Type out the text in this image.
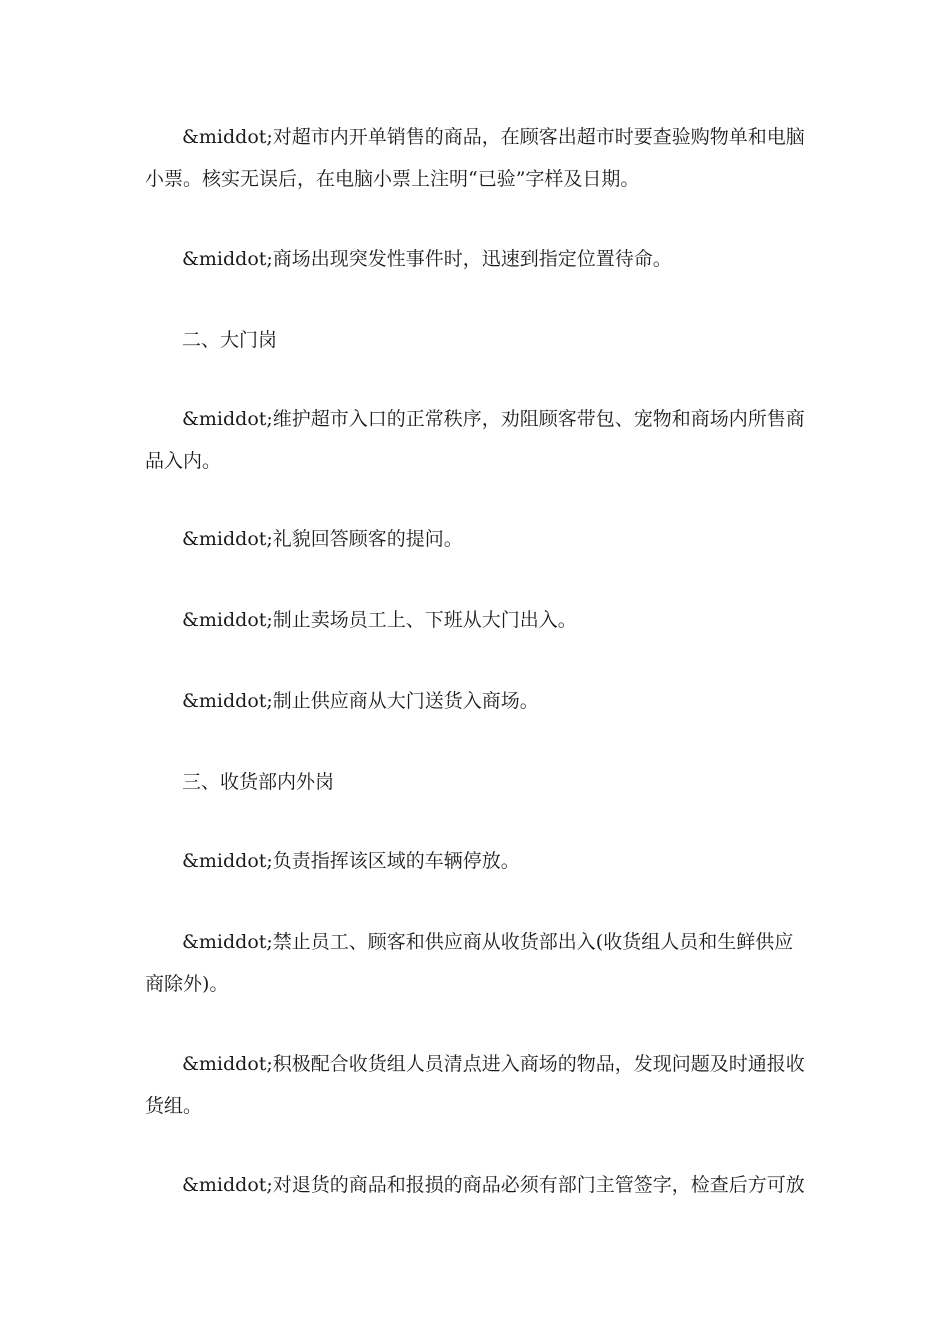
&middot;对超市内开单销售的商品，在顾客出超市时要查验购物单和电脑小票。核实无误后，在电脑小票上注明“已验”字样及日期。

&middot;商场出现突发性事件时，迅速到指定位置待命。

二、大门岗

&middot;维护超市入口的正常秩序，劝阻顾客带包、宠物和商场内所售商品入内。

&middot;礼貌回答顾客的提问。

&middot;制止卖场员工上、下班从大门出入。

&middot;制止供应商从大门送货入商场。

三、收货部内外岗

&middot;负责指挥该区域的车辆停放。

&middot;禁止员工、顾客和供应商从收货部出入(收货组人员和生鲜供应商除外)。

&middot;积极配合收货组人员清点进入商场的物品，发现问题及时通报收货组。

&middot;对退货的商品和报损的商品必须有部门主管签字，检查后方可放
